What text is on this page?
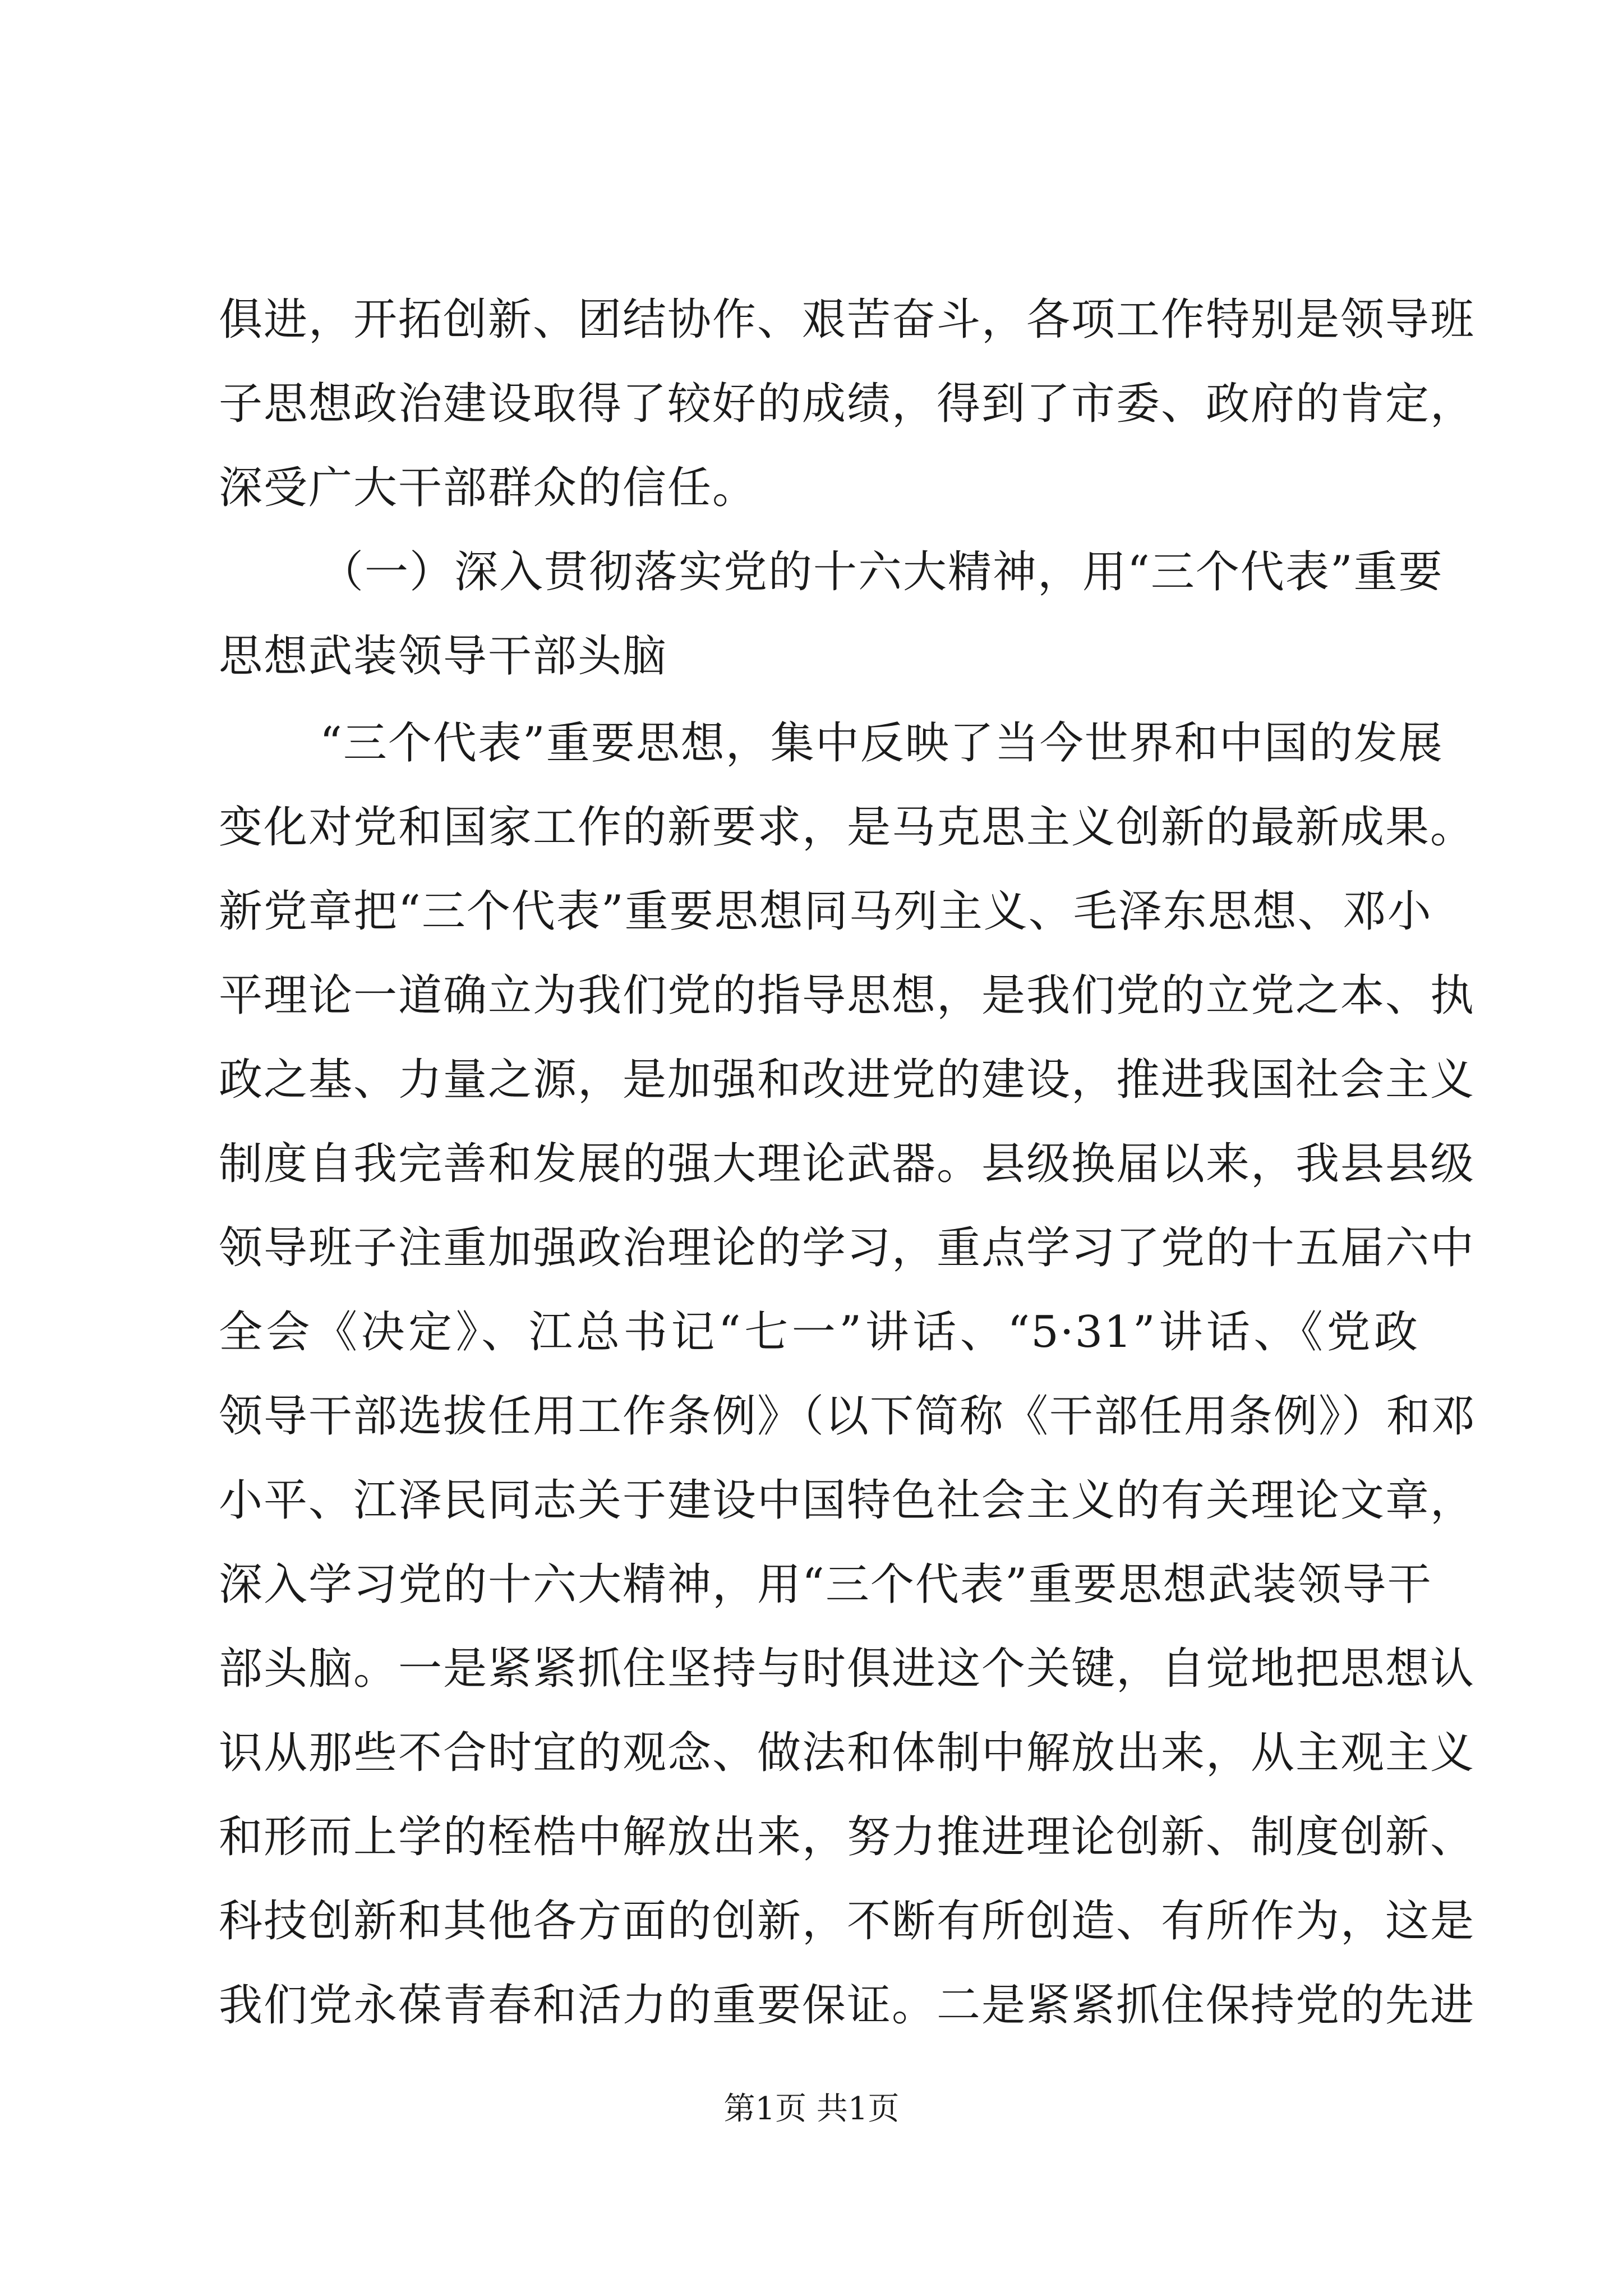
俱进，开拓创新、团结协作、艰苦奋斗，各项工作特别是领导班
子思想政治建设取得了较好的成绩，得到了市委、政府的肯定，
深受广大干部群众的信任。
（一）深入贯彻落实党的十六大精神，用“三个代表”重要
思想武装领导干部头脑
“三个代表”重要思想，集中反映了当今世界和中国的发展
变化对党和国家工作的新要求，是马克思主义创新的最新成果。
新党章把“三个代表”重要思想同马列主义、毛泽东思想、邓小
平理论一道确立为我们党的指导思想，是我们党的立党之本、执
政之基、力量之源，是加强和改进党的建设，推进我国社会主义
制度自我完善和发展的强大理论武器。县级换届以来，我县县级
领导班子注重加强政治理论的学习，重点学习了党的十五届六中
全会《决定》、江总书记“七一”讲话、“5·31”讲话、《党政
领导干部选拔任用工作条例》（以下简称《干部任用条例》）和邓
小平、江泽民同志关于建设中国特色社会主义的有关理论文章，
深入学习党的十六大精神，用“三个代表”重要思想武装领导干
部头脑。一是紧紧抓住坚持与时俱进这个关键，自觉地把思想认
识从那些不合时宜的观念、做法和体制中解放出来，从主观主义
和形而上学的桎梏中解放出来，努力推进理论创新、制度创新、
科技创新和其他各方面的创新，不断有所创造、有所作为，这是
我们党永葆青春和活力的重要保证。二是紧紧抓住保持党的先进
第1页 共1页
